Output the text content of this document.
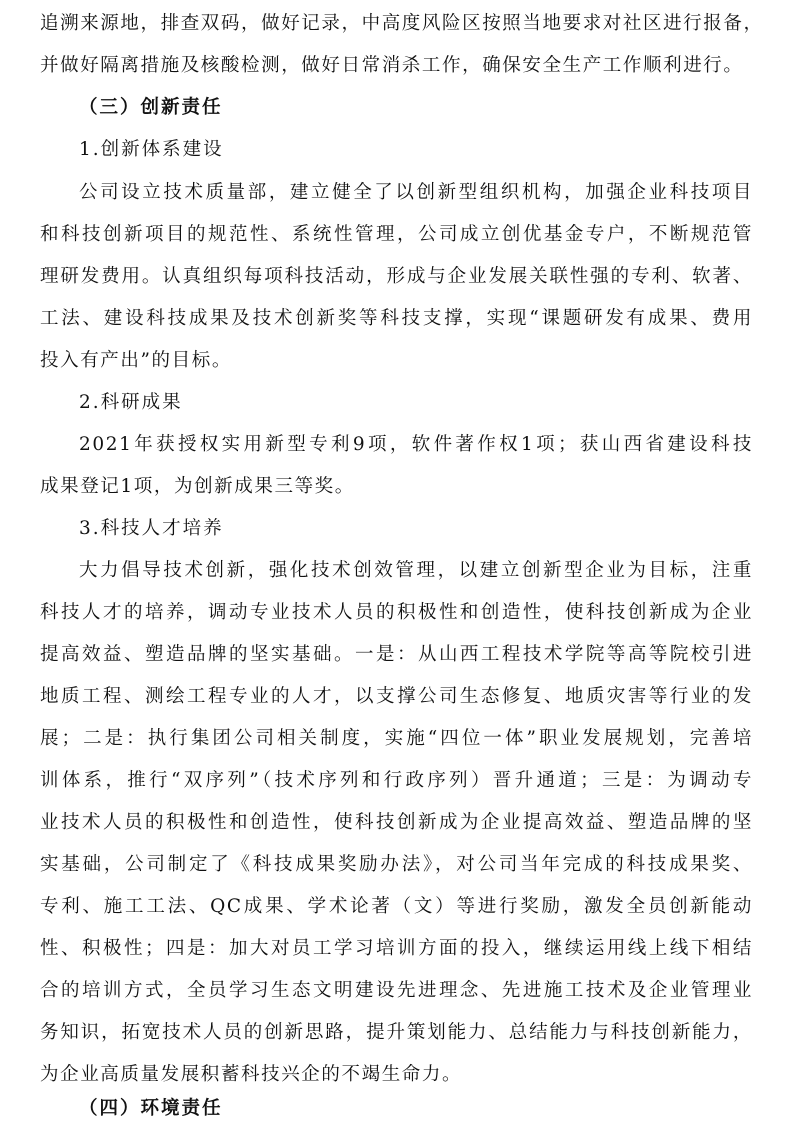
追溯来源地，排查双码，做好记录，中高度风险区按照当地要求对社区进行报备，

并做好隔离措施及核酸检测，做好日常消杀工作，确保安全生产工作顺利进行。

（三）创新责任

1.创新体系建设

公司设立技术质量部，建立健全了以创新型组织机构，加强企业科技项目

和科技创新项目的规范性、系统性管理，公司成立创优基金专户，不断规范管

理研发费用。认真组织每项科技活动，形成与企业发展关联性强的专利、软著、

工法、建设科技成果及技术创新奖等科技支撑，实现“课题研发有成果、费用

投入有产出”的目标。

2.科研成果

2021年获授权实用新型专利9项，软件著作权1项；获山西省建设科技

成果登记1项，为创新成果三等奖。

3.科技人才培养

大力倡导技术创新，强化技术创效管理，以建立创新型企业为目标，注重

科技人才的培养，调动专业技术人员的积极性和创造性，使科技创新成为企业

提高效益、塑造品牌的坚实基础。一是：从山西工程技术学院等高等院校引进

地质工程、测绘工程专业的人才，以支撑公司生态修复、地质灾害等行业的发

展；二是：执行集团公司相关制度，实施“四位一体”职业发展规划，完善培

训体系，推行“双序列”（技术序列和行政序列）晋升通道；三是：为调动专

业技术人员的积极性和创造性，使科技创新成为企业提高效益、塑造品牌的坚

实基础，公司制定了《科技成果奖励办法》，对公司当年完成的科技成果奖、

专利、施工工法、QC成果、学术论著（文）等进行奖励，激发全员创新能动

性、积极性；四是：加大对员工学习培训方面的投入，继续运用线上线下相结

合的培训方式，全员学习生态文明建设先进理念、先进施工技术及企业管理业

务知识，拓宽技术人员的创新思路，提升策划能力、总结能力与科技创新能力，

为企业高质量发展积蓄科技兴企的不竭生命力。

（四）环境责任
